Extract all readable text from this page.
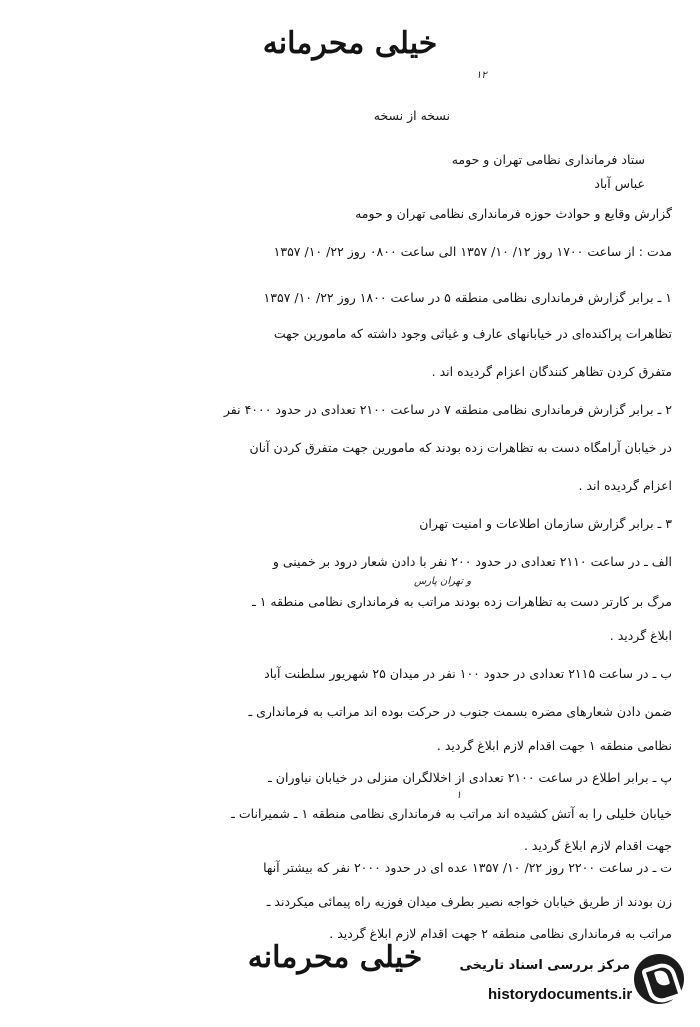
خیلی محرمانه
نسخه از نسخه
ستاد فرمانداری نظامی تهران و حومه
عباس آباد
گزارش وقایع و حوادث حوزه فرمانداری نظامی تهران و حومه
مدت : از ساعت ۱۷۰۰ روز ۱۲/ ۱۰/ ۱۳۵۷ الی ساعت ۰۸۰۰ روز ۲۲/ ۱۰/ ۱۳۵۷
۱ ـ برابر گزارش فرمانداری نظامی منطقه ۵ در ساعت ۱۸۰۰ روز ۲۲/ ۱۰/ ۱۳۵۷
تظاهرات پراکنده‌ای در خیابانهای عارف و غیاثی وجود داشته که مامورین جهت
متفرق کردن تظاهر کنندگان اعزام گردیده اند .
۲ ـ برابر گزارش فرمانداری نظامی منطقه ۷ در ساعت ۲۱۰۰ تعدادی در حدود ۴۰۰۰ نفر
در خیابان آرامگاه دست به تظاهرات زده بودند که مامورین جهت متفرق کردن آنان
اعزام گردیده اند .
۳ ـ برابر گزارش سازمان اطلاعات و امنیت تهران
الف ـ در ساعت ۲۱۱۰ تعدادی در حدود ۲۰۰ نفر با دادن شعار درود بر خمینی و
مرگ بر کارتر دست به تظاهرات زده بودند مراتب به فرمانداری نظامی منطقه ۱ ـ
ابلاغ گردید .
ب ـ در ساعت ۲۱۱۵ تعدادی در حدود ۱۰۰ نفر در میدان ۲۵ شهریور سلطنت آباد
ضمن دادن شعارهای مضره بسمت جنوب در حرکت بوده اند مراتب به فرمانداری ـ
نظامی منطقه ۱ جهت اقدام لازم ابلاغ گردید .
پ ـ برابر اطلاع در ساعت ۲۱۰۰ تعدادی از اخلالگران منزلی در خیابان نیاوران ـ
خیابان خلیلی را به آتش کشیده اند مراتب به فرمانداری نظامی منطقه ۱ ـ شمیرانات ـ
جهت اقدام لازم ابلاغ گردید .
ت ـ در ساعت ۲۲۰۰ روز ۲۲/ ۱۰/ ۱۳۵۷ عده ای در حدود ۲۰۰۰ نفر که بیشتر آنها
زن بودند از طریق خیابان خواجه نصیر بطرف میدان فوزیه راه پیمائی میکردند ـ
مراتب به فرمانداری نظامی منطقه ۲ جهت اقدام لازم ابلاغ گردید .
۱۲
و تهران پارس
۱
خیلی محرمانه	مرکز بررسی اسناد تاریخی
historydocuments.ir
